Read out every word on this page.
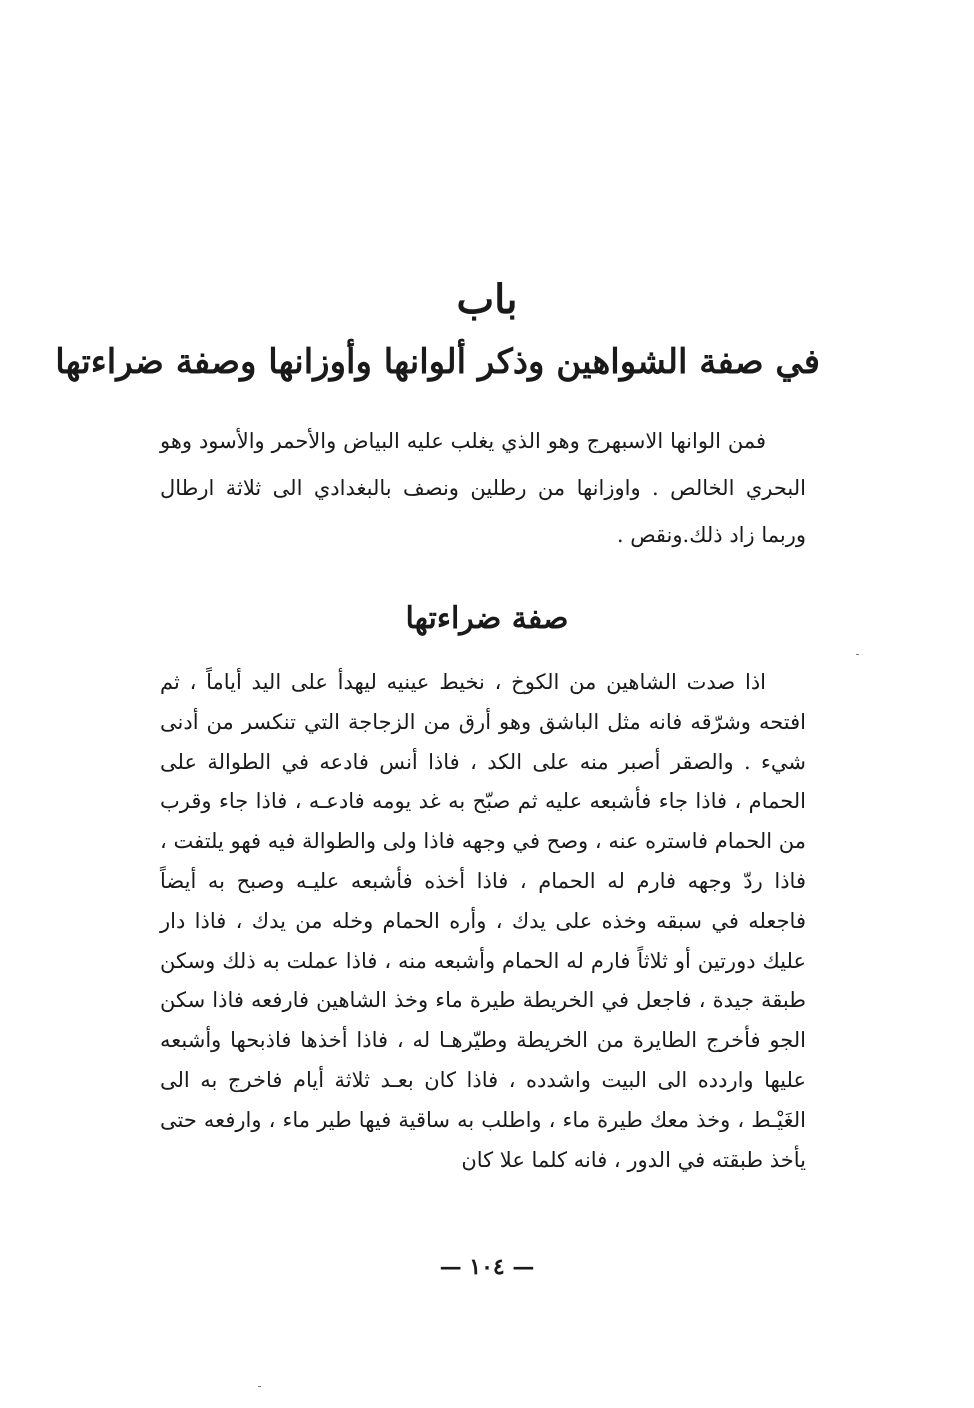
باب
في صفة الشواهين وذكر ألوانها وأوزانها وصفة ضراءتها

فمن الوانها الاسبهرج وهو الذي يغلب عليه البياض والأحمر والأسود وهو البحري الخالص . واوزانها من رطلين ونصف بالبغدادي الى ثلاثة ارطال وربما زاد ذلك.ونقص .

صفة ضراءتها

اذا صدت الشاهين من الكوخ ، نخيط عينيه ليهدأ على اليد أياماً ، ثم افتحه وشرّقه فانه مثل الباشق وهو أرق من الزجاجة التي تنكسر من أدنى شيء . والصقر أصبر منه على الكد ، فاذا أنس فادعه في الطوالة على الحمام ، فاذا جاء فأشبعه عليه ثم صبّح به غد يومه فادعـه ، فاذا جاء وقرب من الحمام فاستره عنه ، وصح في وجهه فاذا ولى والطوالة فيه فهو يلتفت ، فاذا ردّ وجهه فارم له الحمام ، فاذا أخذه فأشبعه عليـه وصبح به أيضاً فاجعله في سبقه وخذه على يدك ، وأره الحمام وخله من يدك ، فاذا دار عليك دورتين أو ثلاثاً فارم له الحمام وأشبعه منه ، فاذا عملت به ذلك وسكن طبقة جيدة ، فاجعل في الخريطة طيرة ماء وخذ الشاهين فارفعه فاذا سكن الجو فأخرج الطايرة من الخريطة وطيّرهـا له ، فاذا أخذها فاذبحها وأشبعه عليها واردده الى البيت واشدده ، فاذا كان بعـد ثلاثة أيام فاخرج به الى الغَيْـط ، وخذ معك طيرة ماء ، واطلب به ساقية فيها طير ماء ، وارفعه حتى يأخذ طبقته في الدور ، فانه كلما علا كان

— ١٠٤ —
